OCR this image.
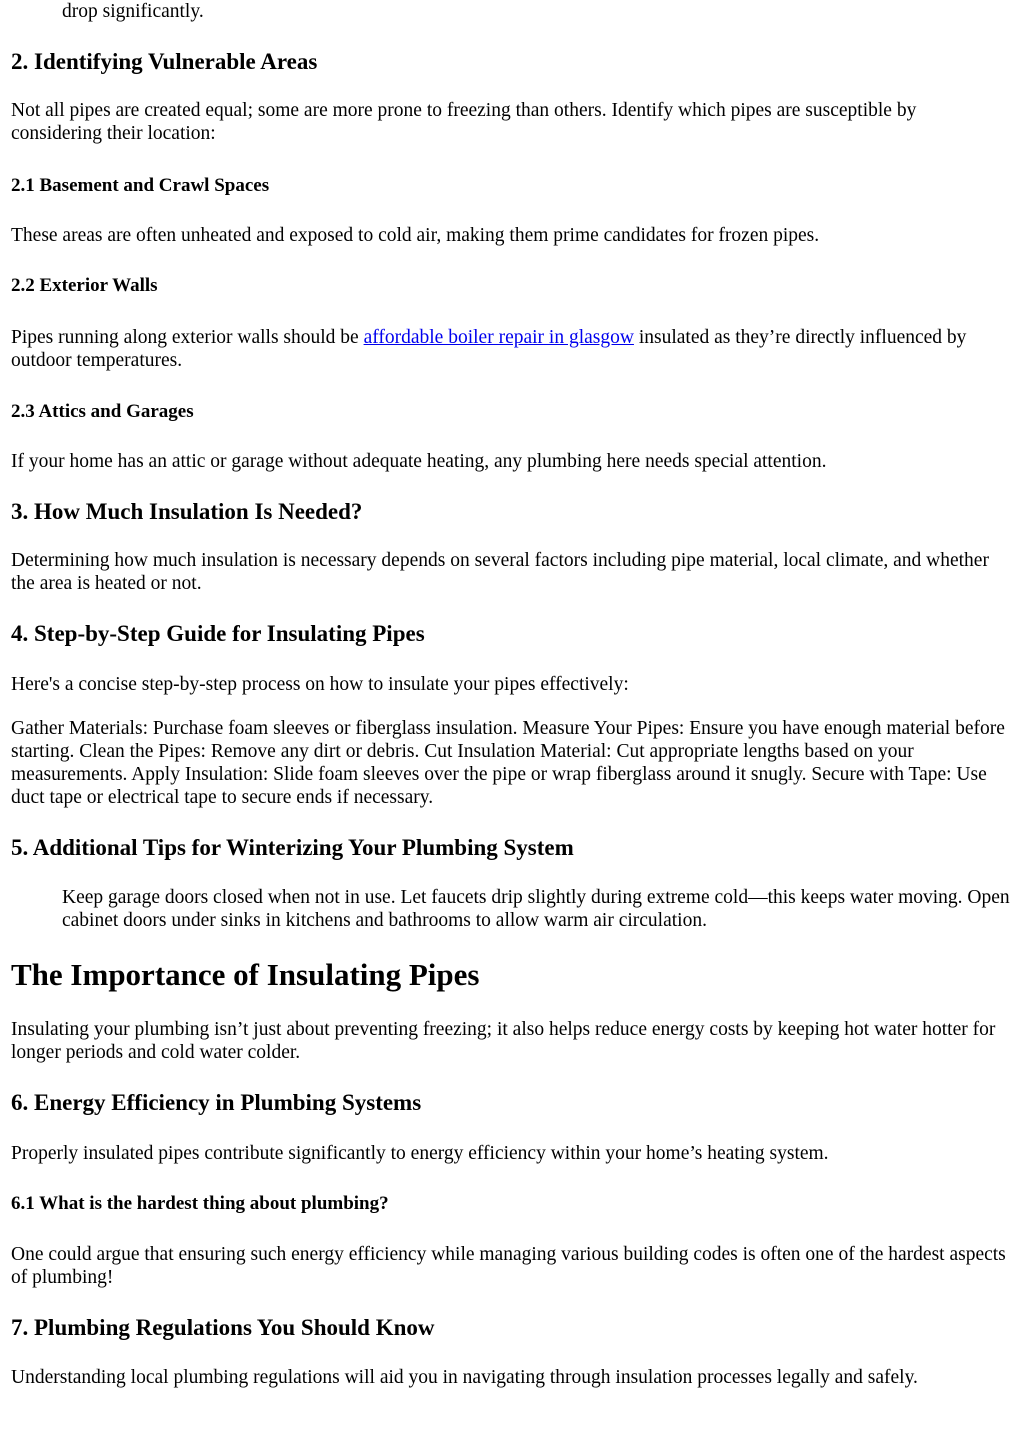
drop significantly.

2. Identifying Vulnerable Areas

Not all pipes are created equal; some are more prone to freezing than others. Identify which pipes are susceptible by considering their location:

2.1 Basement and Crawl Spaces

These areas are often unheated and exposed to cold air, making them prime candidates for frozen pipes.

2.2 Exterior Walls

Pipes running along exterior walls should be affordable boiler repair in glasgow insulated as they’re directly influenced by outdoor temperatures.

2.3 Attics and Garages

If your home has an attic or garage without adequate heating, any plumbing here needs special attention.

3. How Much Insulation Is Needed?

Determining how much insulation is necessary depends on several factors including pipe material, local climate, and whether the area is heated or not.

4. Step-by-Step Guide for Insulating Pipes

Here's a concise step-by-step process on how to insulate your pipes effectively:

Gather Materials: Purchase foam sleeves or fiberglass insulation. Measure Your Pipes: Ensure you have enough material before starting. Clean the Pipes: Remove any dirt or debris. Cut Insulation Material: Cut appropriate lengths based on your measurements. Apply Insulation: Slide foam sleeves over the pipe or wrap fiberglass around it snugly. Secure with Tape: Use duct tape or electrical tape to secure ends if necessary.

5. Additional Tips for Winterizing Your Plumbing System

Keep garage doors closed when not in use. Let faucets drip slightly during extreme cold—this keeps water moving. Open cabinet doors under sinks in kitchens and bathrooms to allow warm air circulation.

The Importance of Insulating Pipes

Insulating your plumbing isn’t just about preventing freezing; it also helps reduce energy costs by keeping hot water hotter for longer periods and cold water colder.

6. Energy Efficiency in Plumbing Systems

Properly insulated pipes contribute significantly to energy efficiency within your home’s heating system.

6.1 What is the hardest thing about plumbing?

One could argue that ensuring such energy efficiency while managing various building codes is often one of the hardest aspects of plumbing!

7. Plumbing Regulations You Should Know

Understanding local plumbing regulations will aid you in navigating through insulation processes legally and safely.
